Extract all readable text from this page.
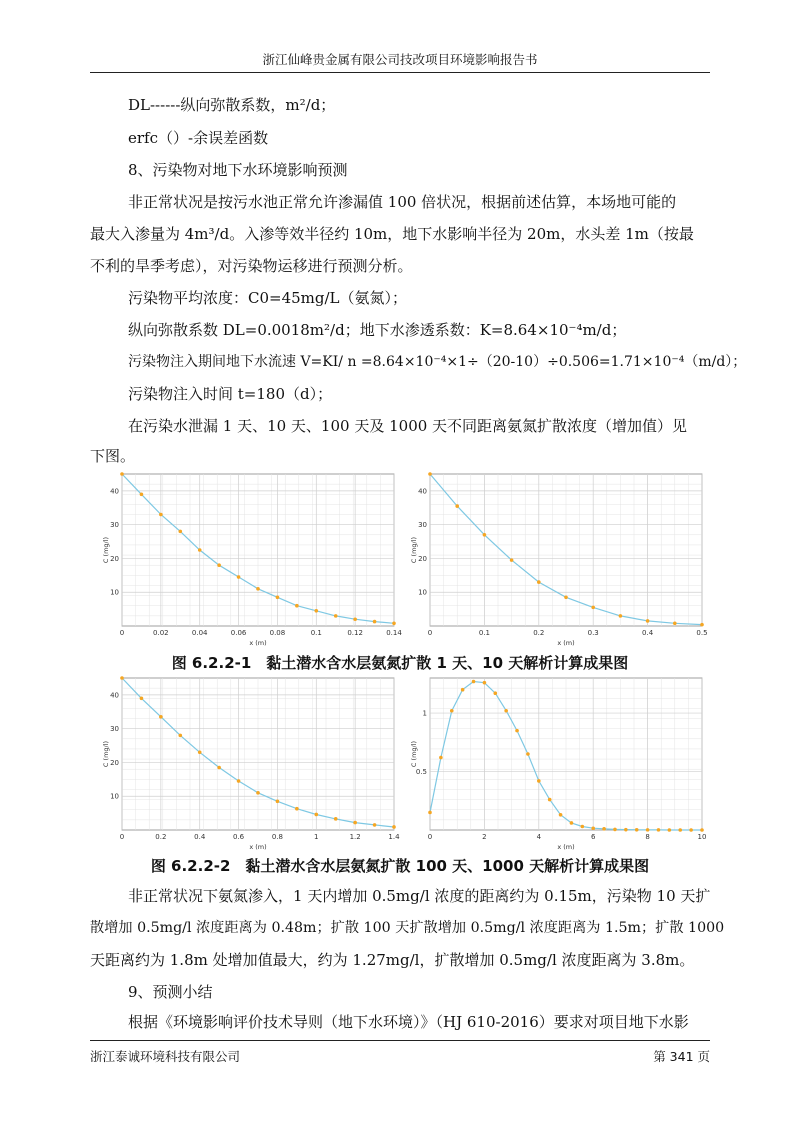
浙江仙峰贵金属有限公司技改项目环境影响报告书
DL------纵向弥散系数，m²/d；
erfc（）-余误差函数
8、污染物对地下水环境影响预测
非正常状况是按污水池正常允许渗漏值 100 倍状况，根据前述估算，本场地可能的
最大入渗量为 4m³/d。入渗等效半径约 10m，地下水影响半径为 20m，水头差 1m（按最
不利的旱季考虑），对污染物运移进行预测分析。
污染物平均浓度：C0=45mg/L（氨氮）；
纵向弥散系数 DL=0.0018m²/d；地下水渗透系数：K=8.64×10⁻⁴m/d；
污染物注入期间地下水流速 V=KI/ n =8.64×10⁻⁴×1÷（20-10）÷0.506=1.71×10⁻⁴（m/d）；
污染物注入时间 t=180（d）；
在污染水泄漏 1 天、10 天、100 天及 1000 天不同距离氨氮扩散浓度（增加值）见
下图。
0	0.02	0.04	0.06	0.08	0.1	0.12	0.14
10
20
30
40
x (m)
C (mg/l)
0	0.1	0.2	0.3	0.4	0.5
10
20
30
40
x (m)
C (mg/l)
图 6.2.2-1　黏土潜水含水层氨氮扩散 1 天、10 天解析计算成果图
0	0.2	0.4	0.6	0.8	1	1.2	1.4
10
20
30
40
x (m)
C (mg/l)
0	2	4	6	8	10
0.5
1
x (m)
C (mg/l)
图 6.2.2-2　黏土潜水含水层氨氮扩散 100 天、1000 天解析计算成果图
非正常状况下氨氮渗入，1 天内增加 0.5mg/l 浓度的距离约为 0.15m，污染物 10 天扩
散增加 0.5mg/l 浓度距离为 0.48m；扩散 100 天扩散增加 0.5mg/l 浓度距离为 1.5m；扩散 1000
天距离约为 1.8m 处增加值最大，约为 1.27mg/l，扩散增加 0.5mg/l 浓度距离为 3.8m。
9、预测小结
根据《环境影响评价技术导则（地下水环境）》（HJ 610-2016）要求对项目地下水影
浙江泰诚环境科技有限公司	第 341 页
